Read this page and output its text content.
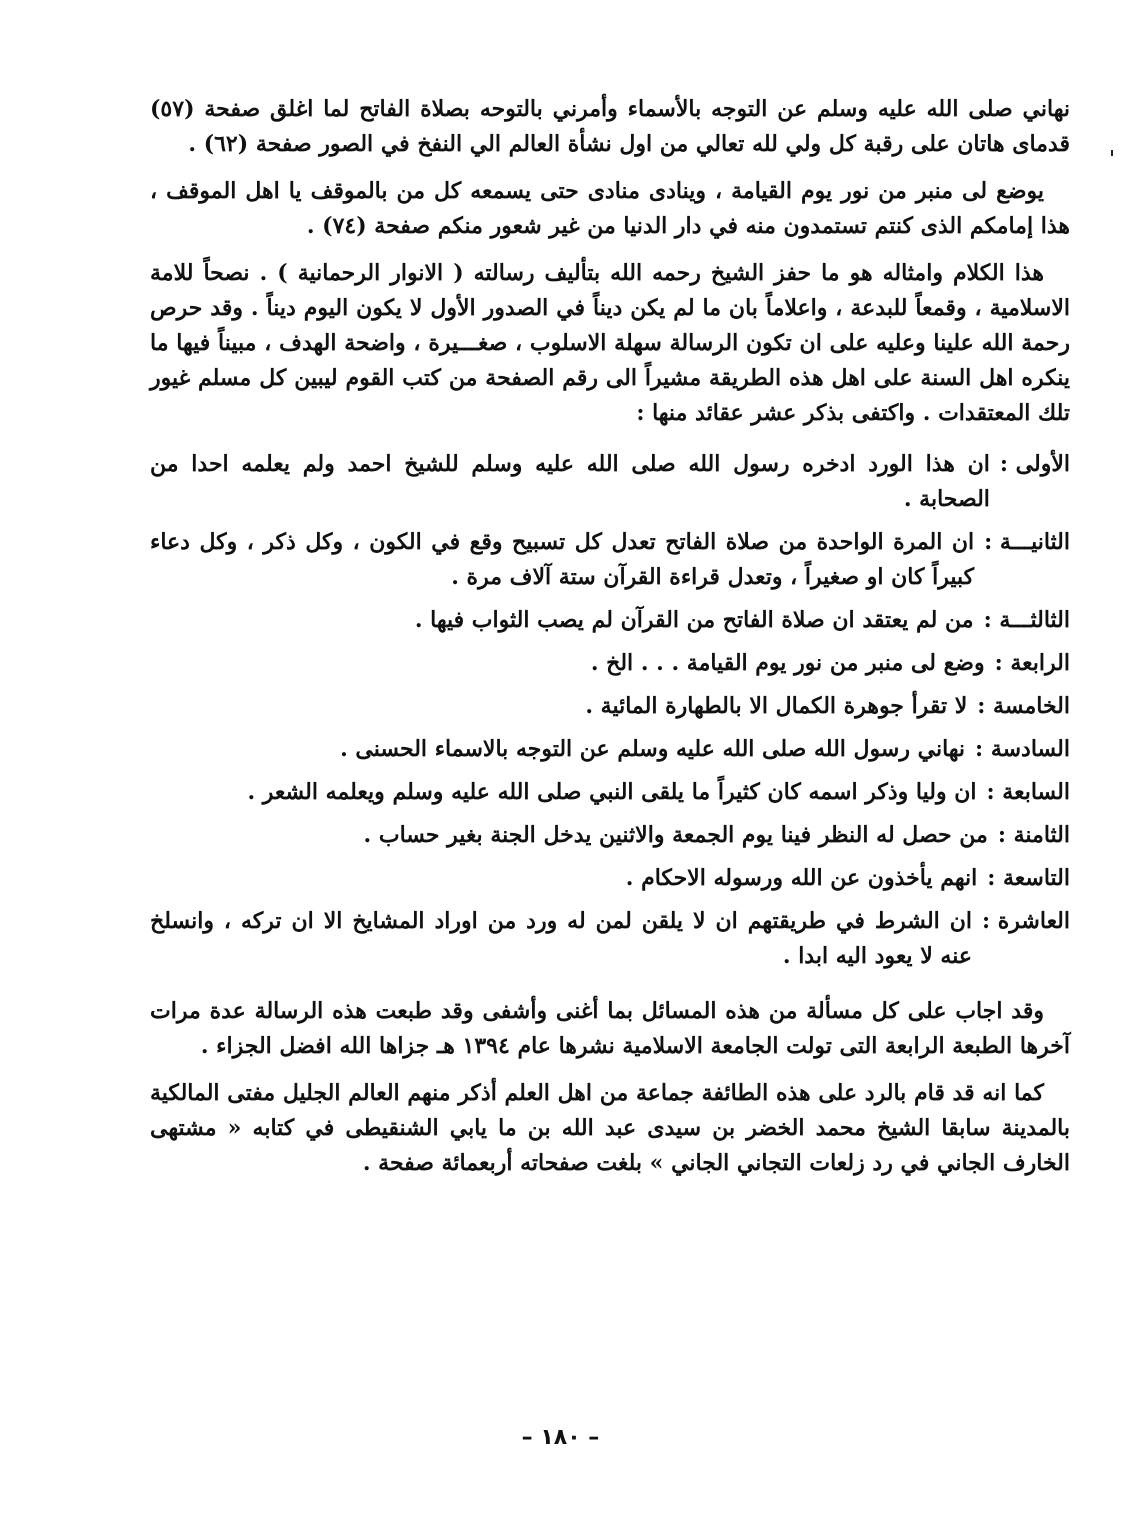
نهاني صلى الله عليه وسلم عن التوجه بالأسماء وأمرني بالتوحه بصلاة الفاتح لما اغلق صفحة (٥٧) قدماى هاتان على رقبة كل ولي لله تعالي من اول نشأة العالم الي النفخ في الصور صفحة (٦٢) .

يوضع لى منبر من نور يوم القيامة ، وينادى منادى حتى يسمعه كل من بالموقف يا اهل الموقف ، هذا إمامكم الذى كنتم تستمدون منه في دار الدنيا من غير شعور منكم صفحة (٧٤) .

هذا الكلام وامثاله هو ما حفز الشيخ رحمه الله بتأليف رسالته ( الانوار الرحمانية ) . نصحاً للامة الاسلامية ، وقمعاً للبدعة ، واعلاماً بان ما لم يكن ديناً في الصدور الأول لا يكون اليوم ديناً . وقد حرص رحمة الله علينا وعليه على ان تكون الرسالة سهلة الاسلوب ، صغـــيرة ، واضحة الهدف ، مبيناً فيها ما ينكره اهل السنة على اهل هذه الطريقة مشيراً الى رقم الصفحة من كتب القوم ليبين كل مسلم غيور تلك المعتقدات . واكتفى بذكر عشر عقائد منها :

الأولى :
ان هذا الورد ادخره رسول الله صلى الله عليه وسلم للشيخ احمد ولم يعلمه احدا من الصحابة .
الثانيـــة :
ان المرة الواحدة من صلاة الفاتح تعدل كل تسبيح وقع في الكون ، وكل ذكر ، وكل دعاء كبيراً كان او صغيراً ، وتعدل قراءة القرآن ستة آلاف مرة .
الثالثـــة :
من لم يعتقد ان صلاة الفاتح من القرآن لم يصب الثواب فيها .
الرابعة :
وضع لى منبر من نور يوم القيامة . . . الخ .
الخامسة :
لا تقرأ جوهرة الكمال الا بالطهارة المائية .
السادسة :
نهاني رسول الله صلى الله عليه وسلم عن التوجه بالاسماء الحسنى .
السابعة :
ان وليا وذكر اسمه كان كثيراً ما يلقى النبي صلى الله عليه وسلم ويعلمه الشعر .
الثامنة :
من حصل له النظر فينا يوم الجمعة والاثنين يدخل الجنة بغير حساب .
التاسعة :
انهم يأخذون عن الله ورسوله الاحكام .
العاشرة :
ان الشرط في طريقتهم ان لا يلقن لمن له ورد من اوراد المشايخ الا ان تركه ، وانسلخ عنه لا يعود اليه ابدا .

وقد اجاب على كل مسألة من هذه المسائل بما أغنى وأشفى وقد طبعت هذه الرسالة عدة مرات آخرها الطبعة الرابعة التى تولت الجامعة الاسلامية نشرها عام ١٣٩٤ هـ جزاها الله افضل الجزاء .

كما انه قد قام بالرد على هذه الطائفة جماعة من اهل العلم أذكر منهم العالم الجليل مفتى المالكية بالمدينة سابقا الشيخ محمد الخضر بن سيدى عبد الله بن ما يابي الشنقيطى في كتابه « مشتهى الخارف الجاني في رد زلعات التجاني الجاني » بلغت صفحاته أربعمائة صفحة .

– ١٨٠ –
